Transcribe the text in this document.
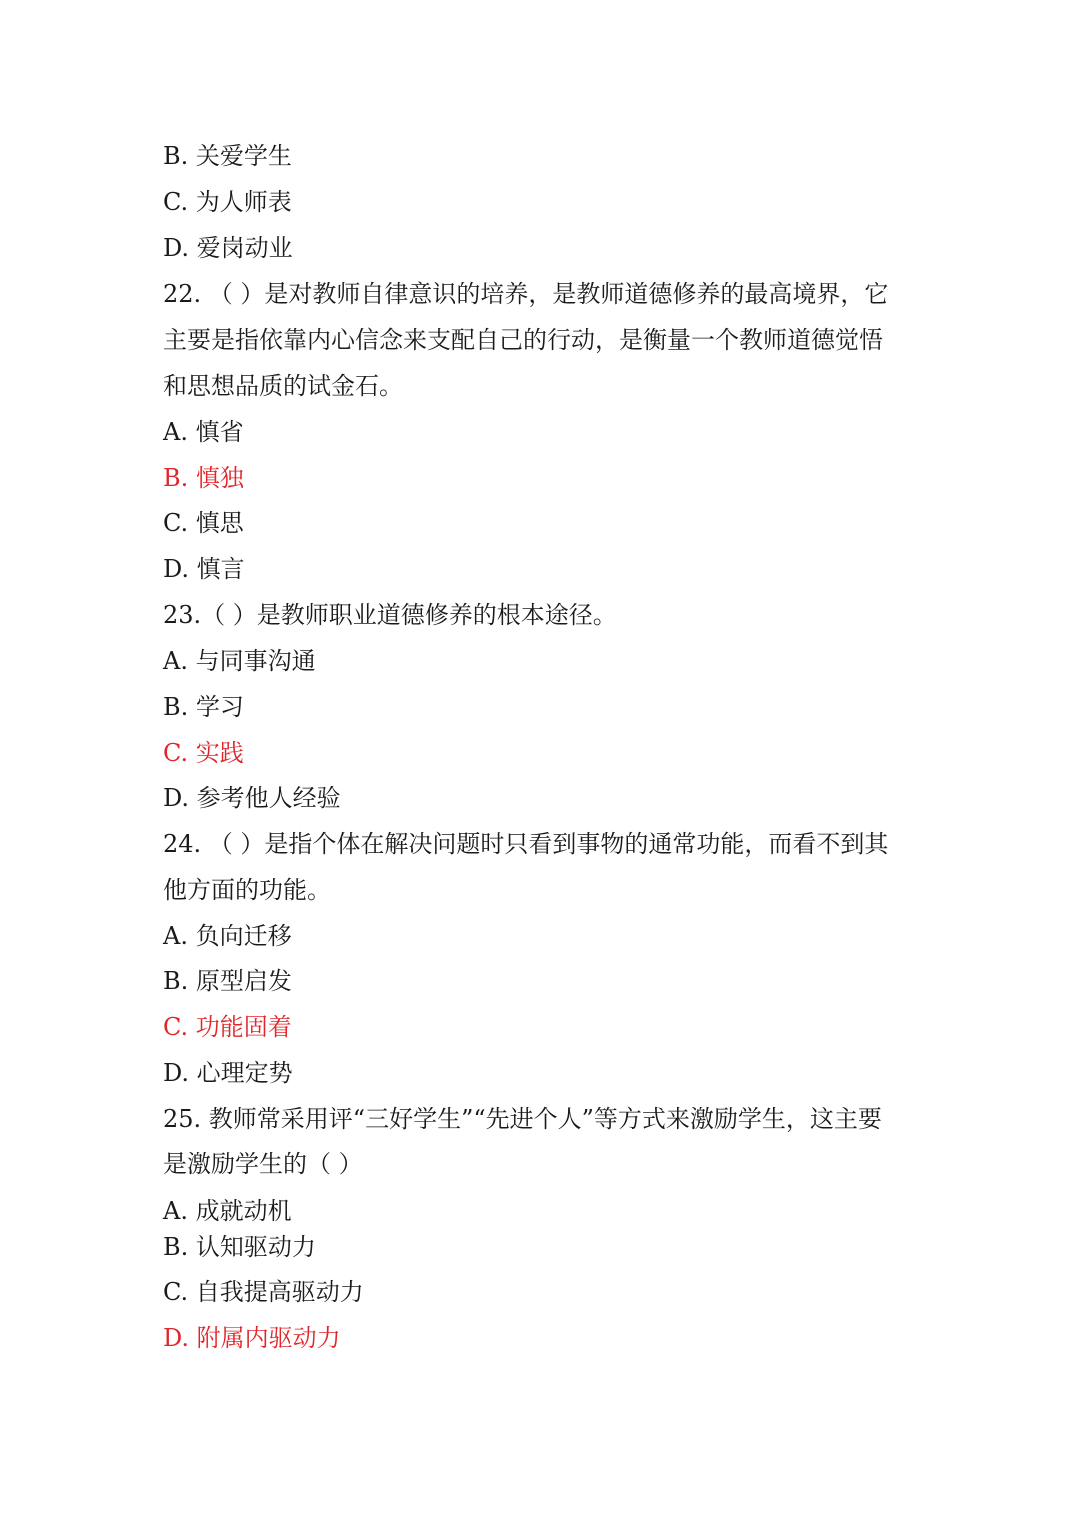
B. 关爱学生
C. 为人师表
D. 爱岗动业
22. （ ）是对教师自律意识的培养，是教师道德修养的最高境界，它
主要是指依靠内心信念来支配自己的行动，是衡量一个教师道德觉悟
和思想品质的试金石。
A. 慎省
B. 慎独
C. 慎思
D. 慎言
23.（ ）是教师职业道德修养的根本途径。
A. 与同事沟通
B. 学习
C. 实践
D. 参考他人经验
24. （ ）是指个体在解决问题时只看到事物的通常功能，而看不到其
他方面的功能。
A. 负向迁移
B. 原型启发
C. 功能固着
D. 心理定势
25. 教师常采用评“三好学生”“先进个人”等方式来激励学生，这主要
是激励学生的（ ）
A. 成就动机
B. 认知驱动力
C. 自我提高驱动力
D. 附属内驱动力
